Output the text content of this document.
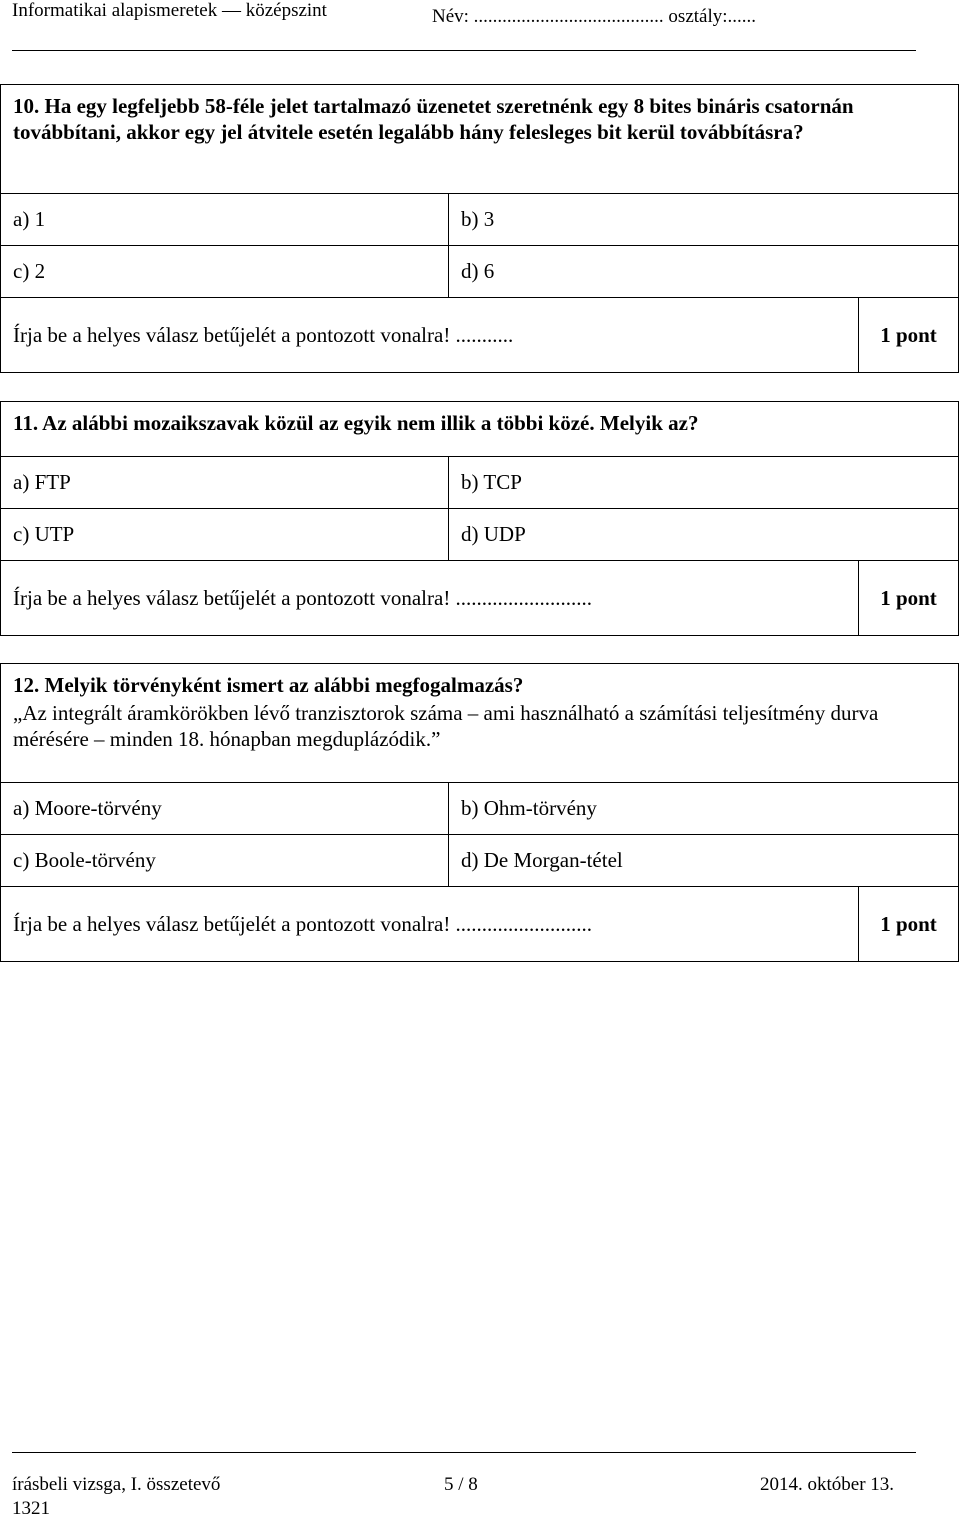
Informatikai alapismeretek — középszint	Név: ........................................ osztály:......
10. Ha egy legfeljebb 58-féle jelet tartalmazó üzenetet szeretnénk egy 8 bites bináris csatornán továbbítani, akkor egy jel átvitele esetén legalább hány felesleges bit kerül továbbításra?		
a) 1	b) 3	
c) 2	d) 6	
Írja be a helyes válasz betűjelét a pontozott vonalra! ...........		1 pont
11. Az alábbi mozaikszavak közül az egyik nem illik a többi közé. Melyik az?		
a) FTP	b) TCP	
c) UTP	d) UDP	
Írja be a helyes válasz betűjelét a pontozott vonalra! ..........................		1 pont
12. Melyik törvényként ismert az alábbi megfogalmazás?
„Az integrált áramkörökben lévő tranzisztorok száma – ami használható a számítási teljesítmény durva mérésére – minden 18. hónapban megduplázódik.”		

a) Moore-törvény	b) Ohm-törvény	
c) Boole-törvény	d) De Morgan-tétel	
Írja be a helyes válasz betűjelét a pontozott vonalra! ..........................		1 pont
írásbeli vizsga, I. összetevő	5 / 8	2014. október 13.
1321
